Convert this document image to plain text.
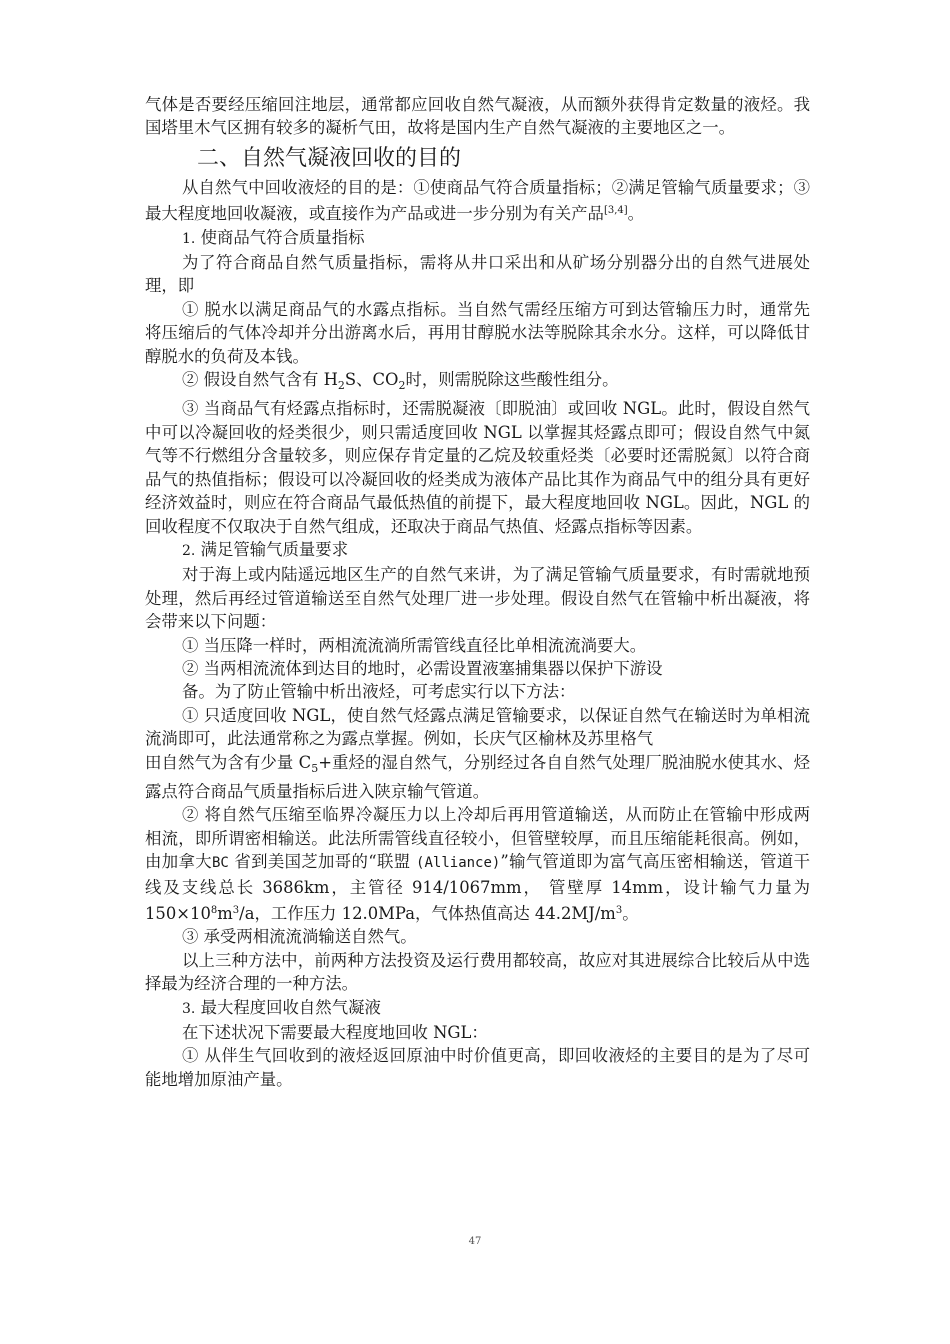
气体是否要经压缩回注地层，通常都应回收自然气凝液，从而额外获得肯定数量的液烃。我国塔里木气区拥有较多的凝析气田，故将是国内生产自然气凝液的主要地区之一。

二、自然气凝液回收的目的

从自然气中回收液烃的目的是：①使商品气符合质量指标；②满足管输气质量要求；③最大程度地回收凝液，或直接作为产品或进一步分别为有关产品[3,4]。

1. 使商品气符合质量指标

为了符合商品自然气质量指标，需将从井口采出和从矿场分别器分出的自然气进展处理，即

① 脱水以满足商品气的水露点指标。当自然气需经压缩方可到达管输压力时，通常先将压缩后的气体冷却并分出游离水后，再用甘醇脱水法等脱除其余水分。这样，可以降低甘醇脱水的负荷及本钱。

② 假设自然气含有 $H_2S$、$CO_2$时，则需脱除这些酸性组分。

③ 当商品气有烃露点指标时，还需脱凝液〔即脱油〕或回收 NGL。此时，假设自然气中可以冷凝回收的烃类很少，则只需适度回收 NGL 以掌握其烃露点即可；假设自然气中氮气等不行燃组分含量较多，则应保存肯定量的乙烷及较重烃类〔必要时还需脱氮〕以符合商品气的热值指标；假设可以冷凝回收的烃类成为液体产品比其作为商品气中的组分具有更好经济效益时，则应在符合商品气最低热值的前提下，最大程度地回收 NGL。因此，NGL 的回收程度不仅取决于自然气组成，还取决于商品气热值、烃露点指标等因素。

2. 满足管输气质量要求

对于海上或内陆遥远地区生产的自然气来讲，为了满足管输气质量要求，有时需就地预处理，然后再经过管道输送至自然气处理厂进一步处理。假设自然气在管输中析出凝液，将会带来以下问题：

① 当压降一样时，两相流流淌所需管线直径比单相流流淌要大。

② 当两相流流体到达目的地时，必需设置液塞捕集器以保护下游设

备。为了防止管输中析出液烃，可考虑实行以下方法：

① 只适度回收 NGL，使自然气烃露点满足管输要求，以保证自然气在输送时为单相流流淌即可，此法通常称之为露点掌握。例如，长庆气区榆林及苏里格气

田自然气为含有少量 $C_5+$重烃的湿自然气，分别经过各自自然气处理厂脱油脱水使其水、烃露点符合商品气质量指标后进入陕京输气管道。

② 将自然气压缩至临界冷凝压力以上冷却后再用管道输送，从而防止在管输中形成两相流，即所谓密相输送。此法所需管线直径较小，但管壁较厚，而且压缩能耗很高。例如，由加拿大BC 省到美国芝加哥的“联盟 (Alliance)”输气管道即为富气高压密相输送，管道干线及支线总长 3686km，主管径 914/1067mm， 管壁厚 14mm，设计输气力量为 $150\times 10^8m^3/a$，工作压力 12.0MPa，气体热值高达 $44.2MJ/m^3$。

③ 承受两相流流淌输送自然气。

以上三种方法中，前两种方法投资及运行费用都较高，故应对其进展综合比较后从中选择最为经济合理的一种方法。

3. 最大程度回收自然气凝液

在下述状况下需要最大程度地回收 NGL：

① 从伴生气回收到的液烃返回原油中时价值更高，即回收液烃的主要目的是为了尽可能地增加原油产量。

47
